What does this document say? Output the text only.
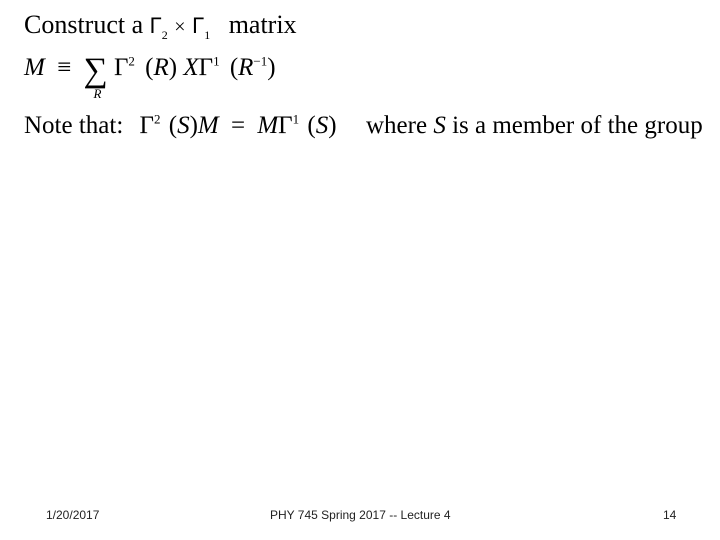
Construct a $\Gamma_2 \times \Gamma_1$ matrix
M ≡ ∑
R
$\Gamma^2$ (R) $X\Gamma^1$ $(R^{-1})$
Note that: $\Gamma^2$ $(S)M = M\Gamma^1$ (S) where S is a member of the group
1/20/2017	PHY 745 Spring 2017 -- Lecture 4	14
